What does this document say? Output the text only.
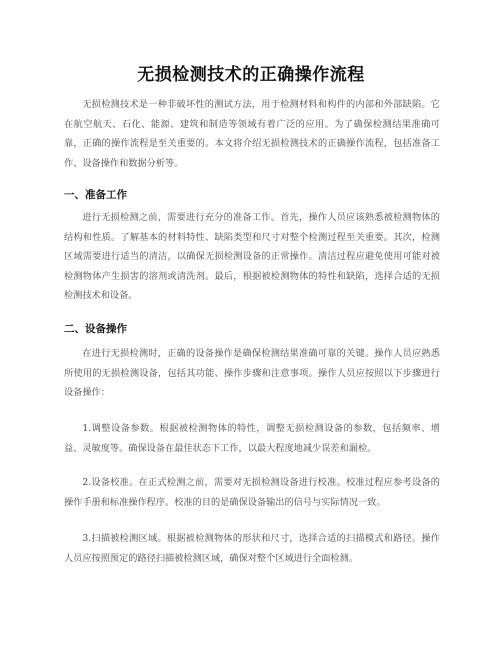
无损检测技术的正确操作流程

无损检测技术是一种非破坏性的测试方法，用于检测材料和构件的内部和外部缺陷。它在航空航天、石化、能源、建筑和制造等领域有着广泛的应用。为了确保检测结果准确可靠，正确的操作流程是至关重要的。本文将介绍无损检测技术的正确操作流程，包括准备工作、设备操作和数据分析等。

一、准备工作

进行无损检测之前，需要进行充分的准备工作。首先，操作人员应该熟悉被检测物体的结构和性质。了解基本的材料特性、缺陷类型和尺寸对整个检测过程至关重要。其次，检测区域需要进行适当的清洁，以确保无损检测设备的正常操作。清洁过程应避免使用可能对被检测物体产生损害的溶剂或清洗剂。最后，根据被检测物体的特性和缺陷，选择合适的无损检测技术和设备。

二、设备操作

在进行无损检测时，正确的设备操作是确保检测结果准确可靠的关键。操作人员应熟悉所使用的无损检测设备，包括其功能、操作步骤和注意事项。操作人员应按照以下步骤进行设备操作：

1.调整设备参数。根据被检测物体的特性，调整无损检测设备的参数，包括频率、增益、灵敏度等。确保设备在最佳状态下工作，以最大程度地减少误差和漏检。

2.设备校准。在正式检测之前，需要对无损检测设备进行校准。校准过程应参考设备的操作手册和标准操作程序。校准的目的是确保设备输出的信号与实际情况一致。

3.扫描被检测区域。根据被检测物体的形状和尺寸，选择合适的扫描模式和路径。操作人员应按照预定的路径扫描被检测区域，确保对整个区域进行全面检测。
